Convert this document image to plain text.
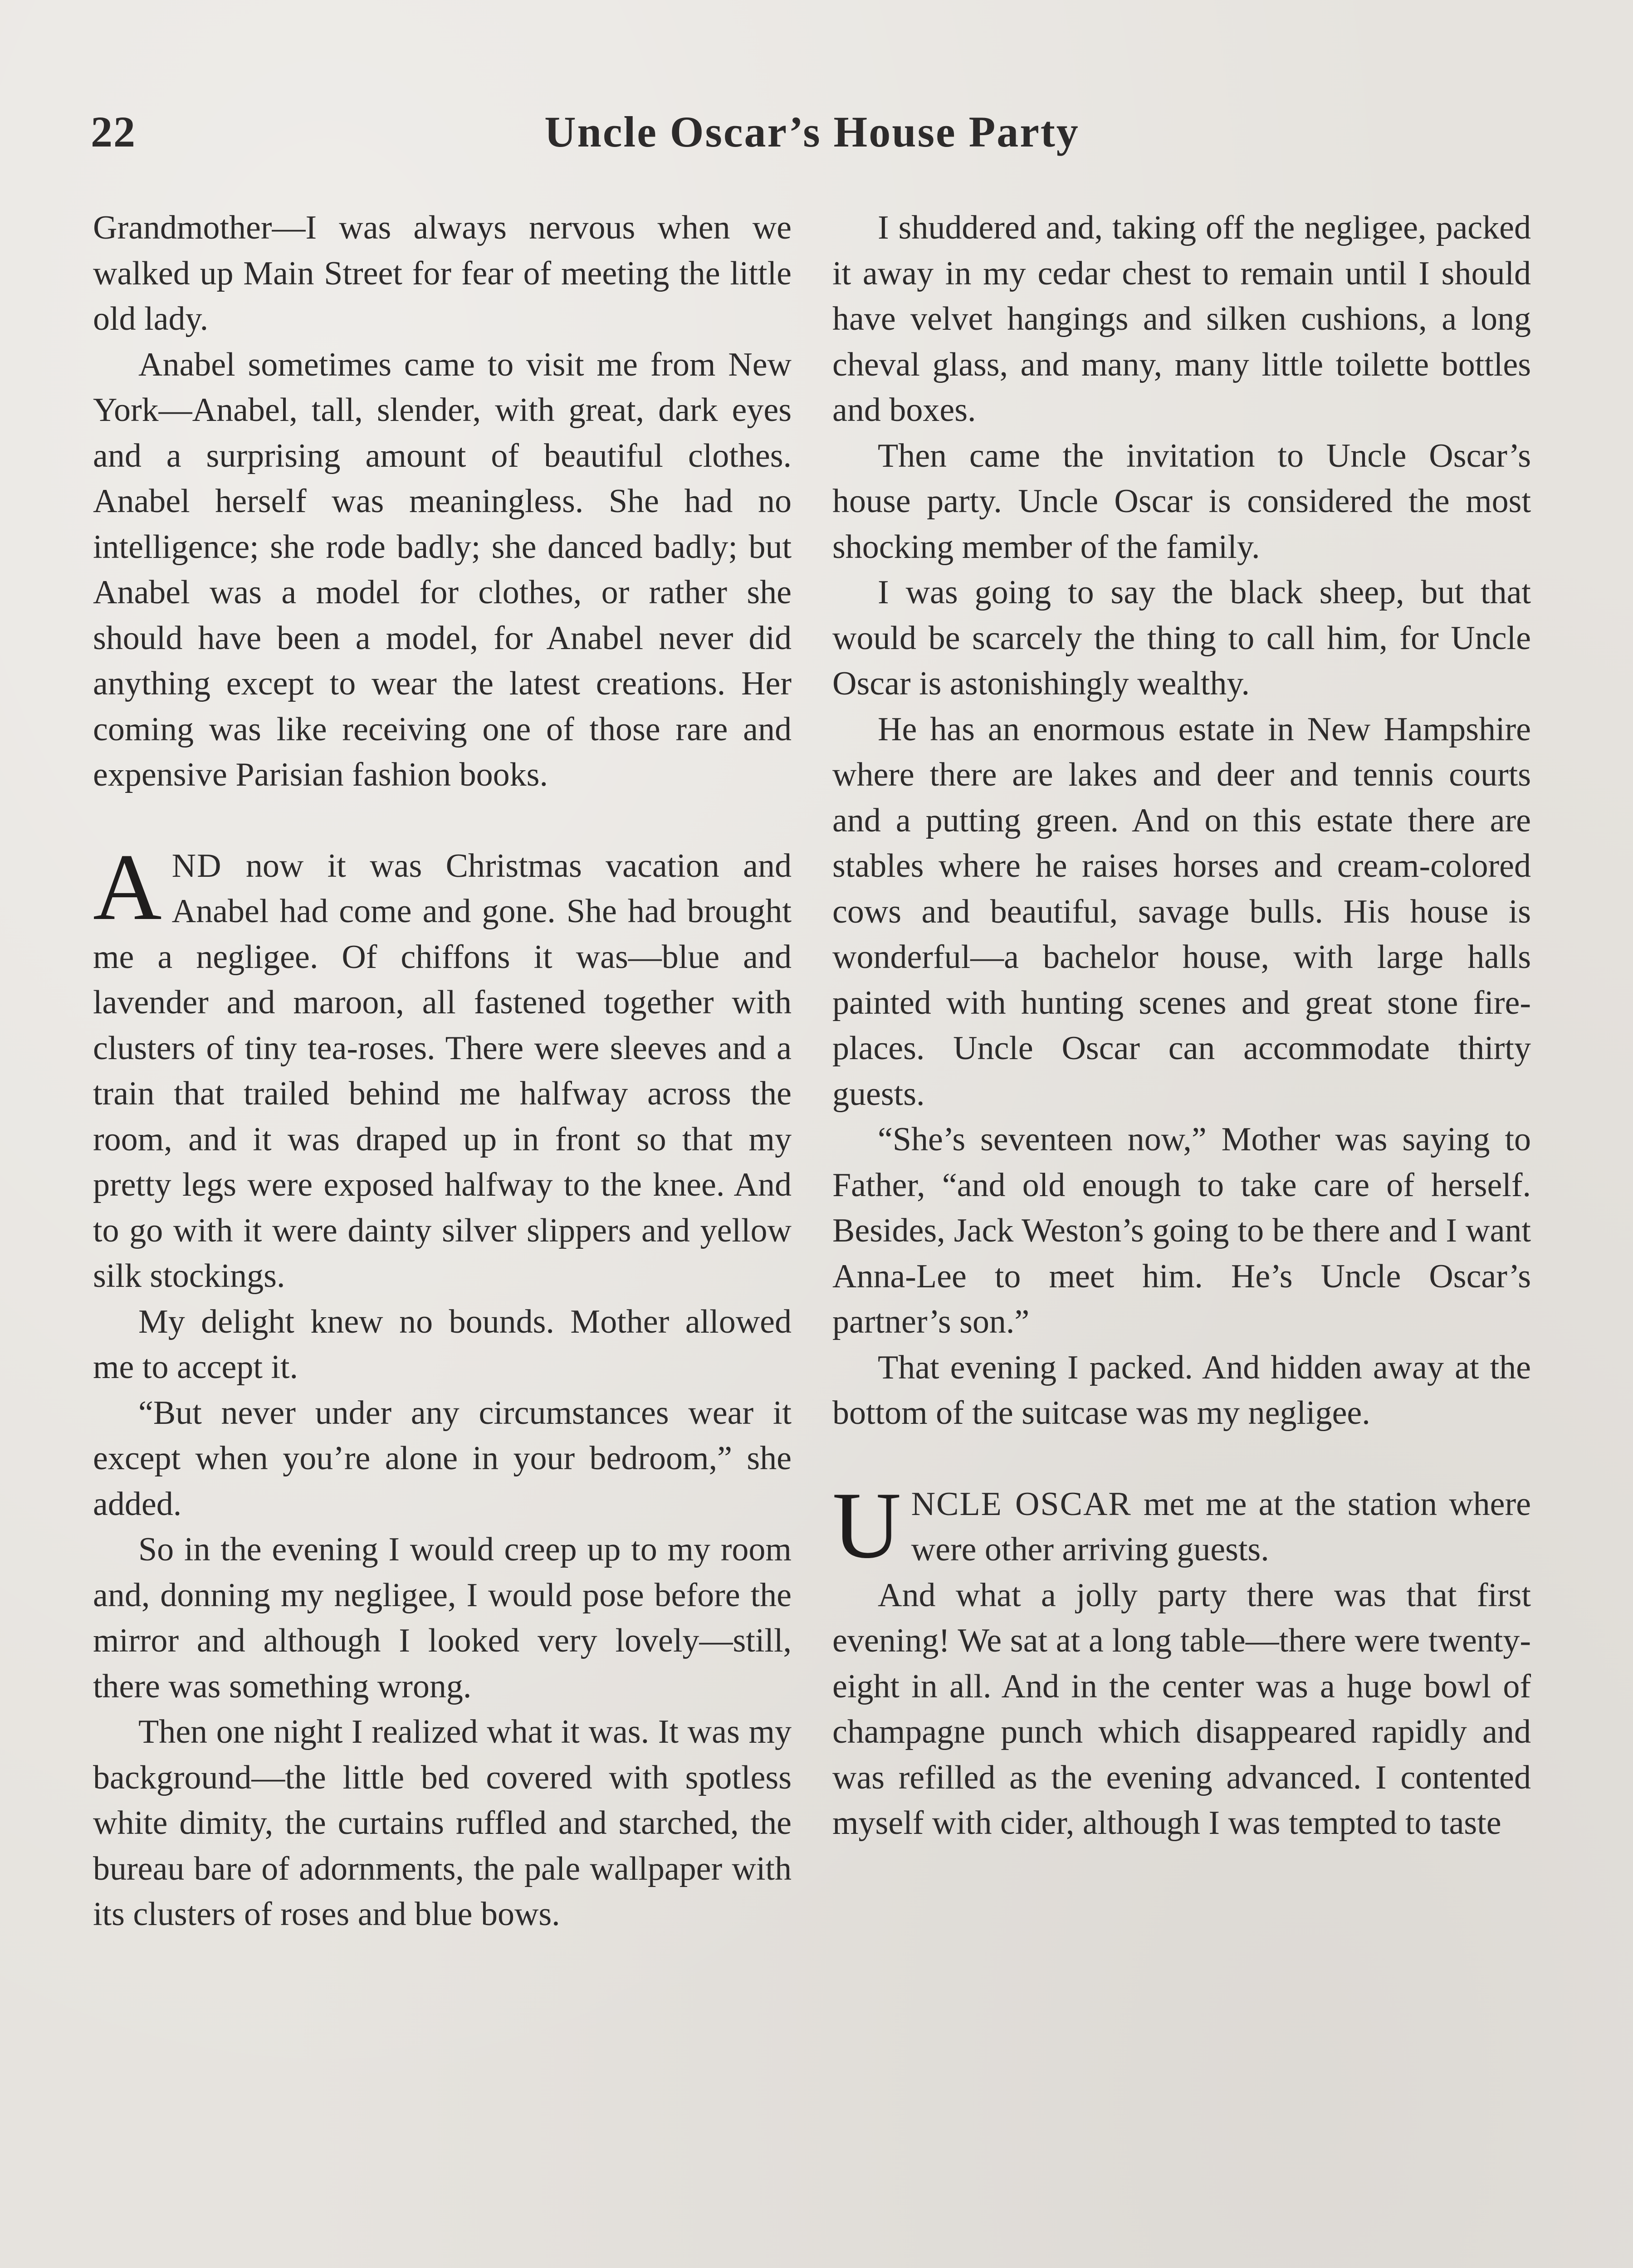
22	Uncle Oscar’s House Party

Grandmother—I was always nervous when we walked up Main Street for fear of meeting the little old lady.

Anabel sometimes came to visit me from New York—Anabel, tall, slender, with great, dark eyes and a surprising amount of beautiful clothes. Anabel herself was meaningless. She had no intelligence; she rode badly; she danced badly; but Anabel was a model for clothes, or rather she should have been a model, for Anabel never did anything except to wear the latest creations. Her coming was like receiving one of those rare and expensive Parisian fashion books.

AND now it was Christmas vacation and Anabel had come and gone. She had brought me a negligee. Of chiffons it was—blue and lavender and maroon, all fastened together with clusters of tiny tea-roses. There were sleeves and a train that trailed behind me halfway across the room, and it was draped up in front so that my pretty legs were exposed halfway to the knee. And to go with it were dainty silver slippers and yellow silk stockings.

My delight knew no bounds. Mother allowed me to accept it.

“But never under any circumstances wear it except when you’re alone in your bedroom,” she added.

So in the evening I would creep up to my room and, donning my negligee, I would pose before the mirror and although I looked very lovely—still, there was something wrong.

Then one night I realized what it was. It was my background—the little bed covered with spotless white dimity, the curtains ruffled and starched, the bureau bare of adornments, the pale wallpaper with its clusters of roses and blue bows.

I shuddered and, taking off the negligee, packed it away in my cedar chest to remain until I should have velvet hangings and silken cushions, a long cheval glass, and many, many little toilette bottles and boxes.

Then came the invitation to Uncle Oscar’s house party. Uncle Oscar is considered the most shocking member of the family.

I was going to say the black sheep, but that would be scarcely the thing to call him, for Uncle Oscar is astonishingly wealthy.

He has an enormous estate in New Hampshire where there are lakes and deer and tennis courts and a putting green. And on this estate there are stables where he raises horses and cream-colored cows and beautiful, savage bulls. His house is wonderful—a bachelor house, with large halls painted with hunting scenes and great stone fireplaces. Uncle Oscar can accommodate thirty guests.

“She’s seventeen now,” Mother was saying to Father, “and old enough to take care of herself. Besides, Jack Weston’s going to be there and I want Anna-Lee to meet him. He’s Uncle Oscar’s partner’s son.”

That evening I packed. And hidden away at the bottom of the suitcase was my negligee.

UNCLE OSCAR met me at the station where were other arriving guests.

And what a jolly party there was that first evening! We sat at a long table—there were twenty-eight in all. And in the center was a huge bowl of champagne punch which disappeared rapidly and was refilled as the evening advanced. I contented myself with cider, although I was tempted to taste
